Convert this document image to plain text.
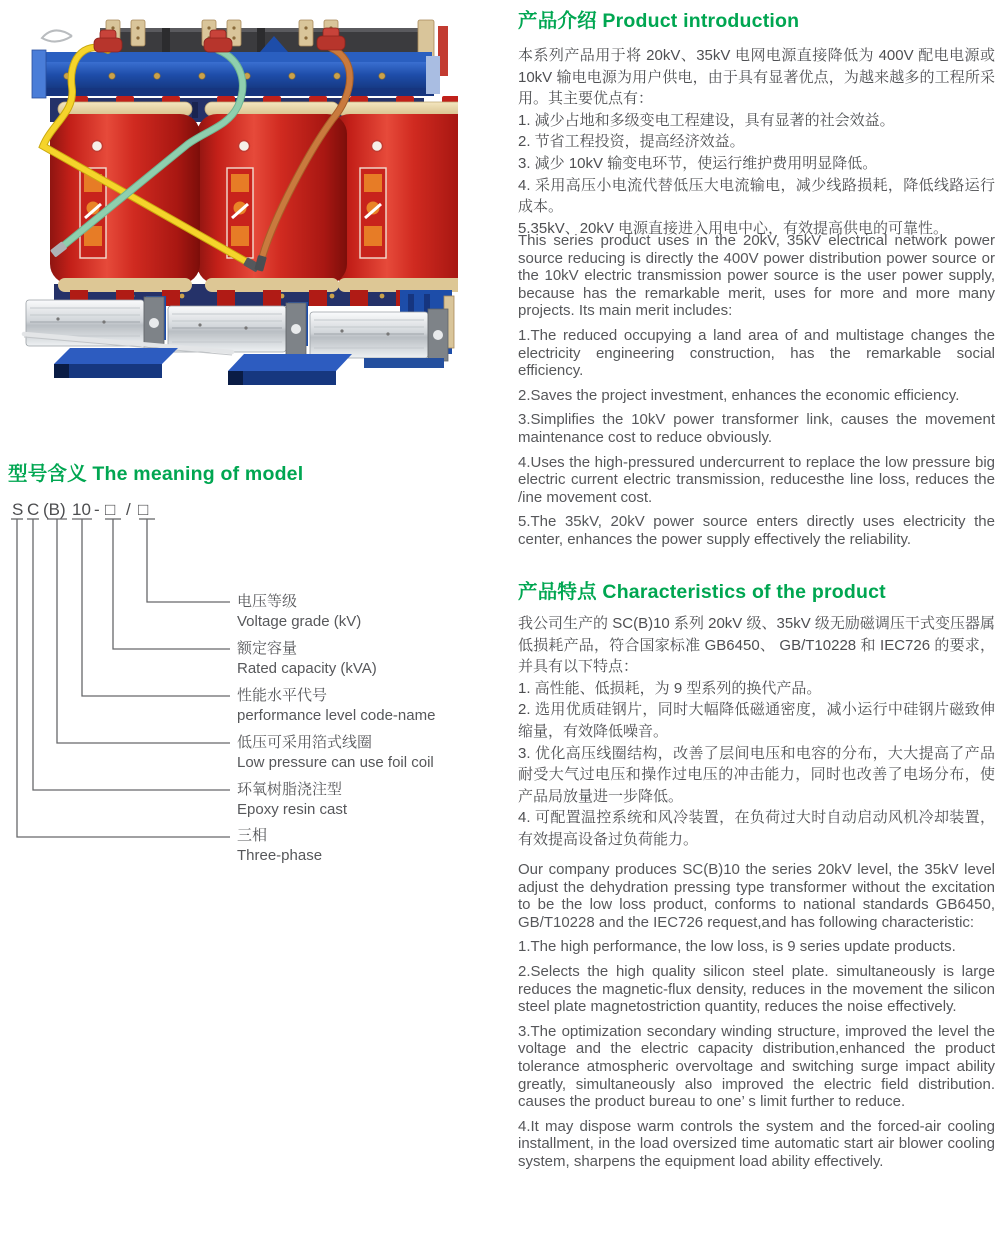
型号含义 The meaning of model
S C (B) 10 - □ / □
电压等级
Voltage grade (kV)
额定容量
Rated capacity (kVA)
性能水平代号
performance level code-name
低压可采用箔式线圈
Low pressure can use foil coil
环氧树脂浇注型
Epoxy resin cast
三相
Three-phase
产品介绍 Product introduction

本系列产品用于将 20kV、35kV 电网电源直接降低为 400V 配电电源或 10kV 输电电源为用户供电，由于具有显著优点，为越来越多的工程所采用。其主要优点有：

1. 减少占地和多级变电工程建设，具有显著的社会效益。

2. 节省工程投资，提高经济效益。

3. 减少 10kV 输变电环节，使运行维护费用明显降低。

4. 采用高压小电流代替低压大电流输电，减少线路损耗，降低线路运行成本。

5.35kV、20kV 电源直接进入用电中心，有效提高供电的可靠性。

This series product uses in the 20kV, 35kV electrical network power source reducing is directly the 400V power distribution power source or the 10kV electric transmission power source is the user power supply, because has the remarkable merit, uses for more and more many projects. Its main merit includes:

1.The reduced occupying a land area of and multistage changes the electricity engineering construction, has the remarkable social efficiency.

2.Saves the project investment, enhances the economic efficiency.

3.Simplifies the 10kV power transformer link, causes the movement maintenance cost to reduce obviously.

4.Uses the high-pressured undercurrent to replace the low pressure big electric current electric transmission, reducesthe line loss, reduces the /ine movement cost.

5.The 35kV, 20kV power source enters directly uses electricity the center, enhances the power supply effectively the reliability.

产品特点 Characteristics of the product

我公司生产的 SC(B)10 系列 20kV 级、35kV 级无励磁调压干式变压器属低损耗产品，符合国家标准 GB6450、 GB/T10228 和 IEC726 的要求，并具有以下特点：

1. 高性能、低损耗，为 9 型系列的换代产品。

2. 选用优质硅钢片，同时大幅降低磁通密度，减小运行中硅钢片磁致伸缩量，有效降低噪音。

3. 优化高压线圈结构，改善了层间电压和电容的分布，大大提高了产品耐受大气过电压和操作过电压的冲击能力，同时也改善了电场分布，使产品局放量进一步降低。

4. 可配置温控系统和风冷装置，在负荷过大时自动启动风机冷却装置，有效提高设备过负荷能力。

Our company produces SC(B)10 the series 20kV level, the 35kV level adjust the dehydration pressing type transformer without the excitation to be the low loss product, conforms to national standards GB6450, GB/T10228 and the IEC726 request,and has following characteristic:

1.The high performance, the low loss, is 9 series update products.

2.Selects the high quality silicon steel plate. simultaneously is large reduces the magnetic-flux density, reduces in the movement the silicon steel plate magnetostriction quantity, reduces the noise effectively.

3.The optimization secondary winding structure, improved the level the voltage and the electric capacity distribution,enhanced the product tolerance atmospheric overvoltage and switching surge impact ability greatly, simultaneously also improved the electric field distribution. causes the product bureau to one’ s limit further to reduce.

4.It may dispose warm controls the system and the forced-air cooling installment, in the load oversized time automatic start air blower cooling system, sharpens the equipment load ability effectively.
